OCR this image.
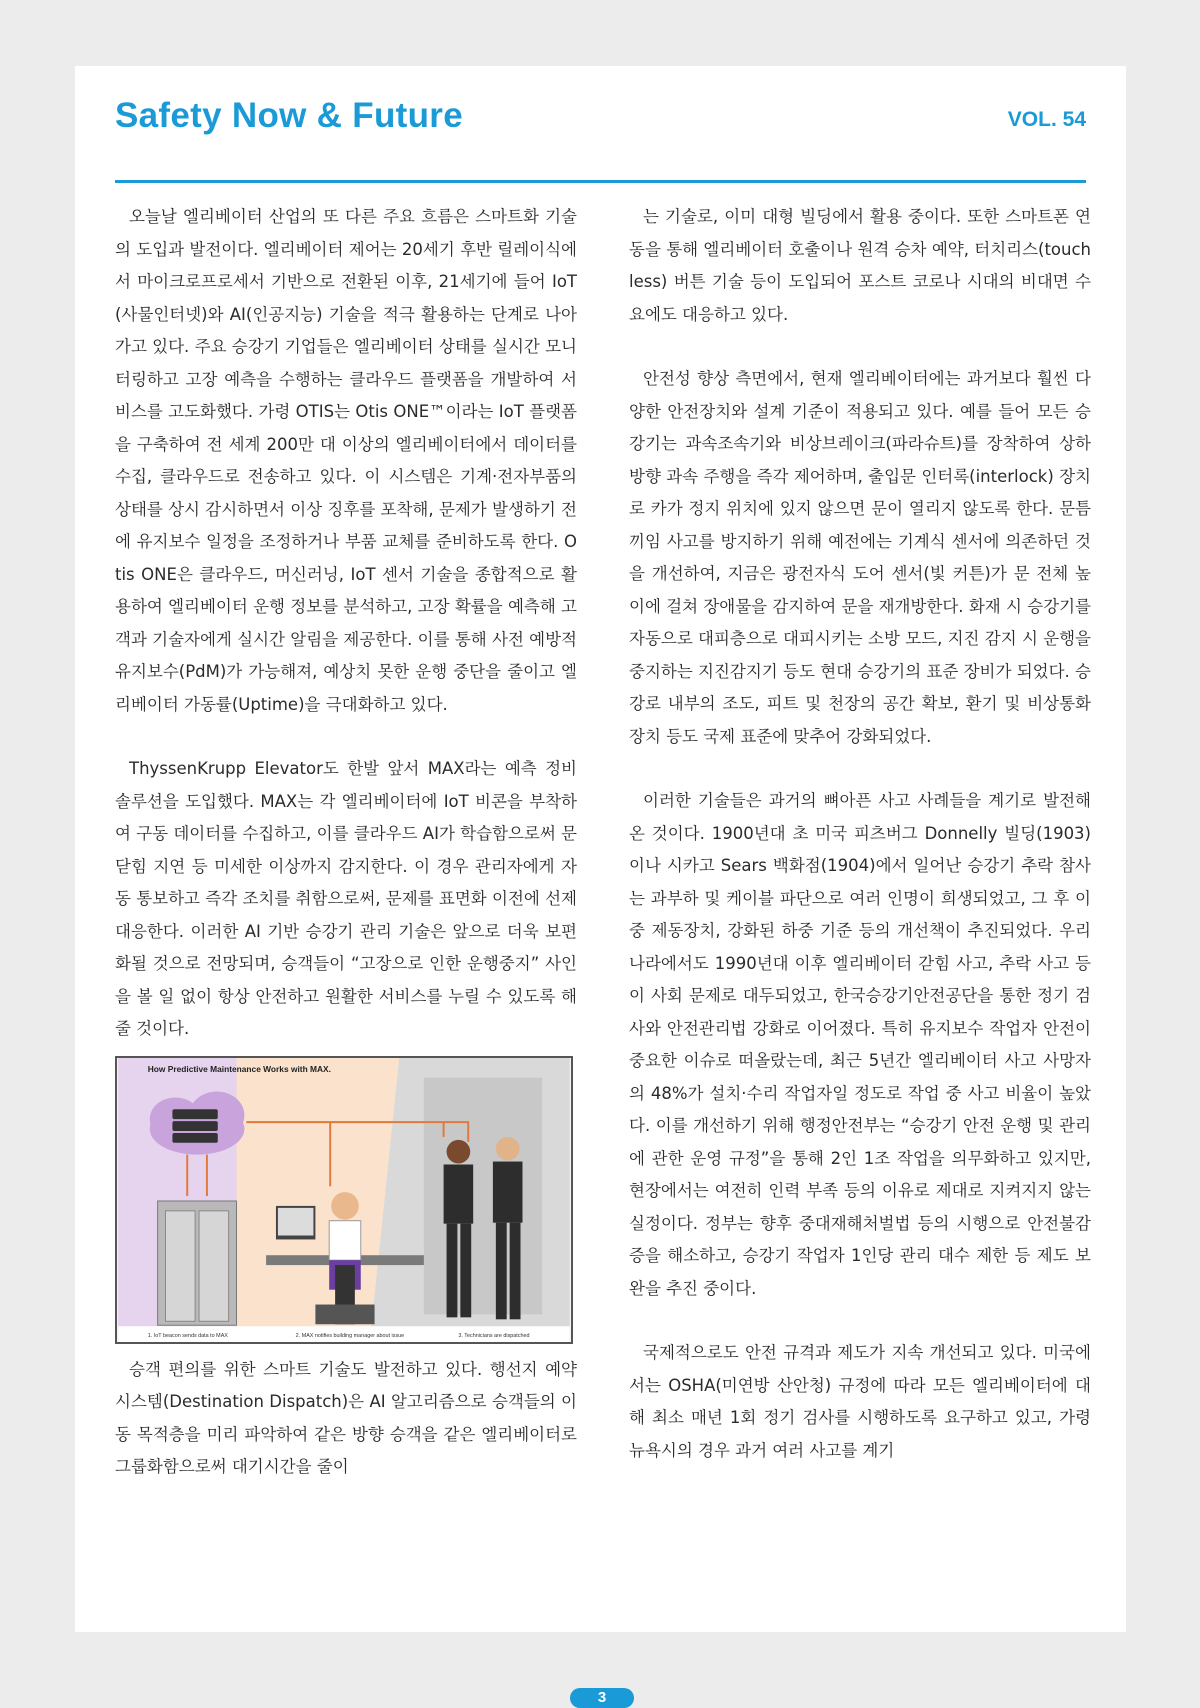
Safety Now & Future	VOL. 54

오늘날 엘리베이터 산업의 또 다른 주요 흐름은 스마트화 기술의 도입과 발전이다. 엘리베이터 제어는 20세기 후반 릴레이식에서 마이크로프로세서 기반으로 전환된 이후, 21세기에 들어 IoT(사물인터넷)와 AI(인공지능) 기술을 적극 활용하는 단계로 나아가고 있다. 주요 승강기 기업들은 엘리베이터 상태를 실시간 모니터링하고 고장 예측을 수행하는 클라우드 플랫폼을 개발하여 서비스를 고도화했다. 가령 OTIS는 Otis ONE™이라는 IoT 플랫폼을 구축하여 전 세계 200만 대 이상의 엘리베이터에서 데이터를 수집, 클라우드로 전송하고 있다. 이 시스템은 기계·전자부품의 상태를 상시 감시하면서 이상 징후를 포착해, 문제가 발생하기 전에 유지보수 일정을 조정하거나 부품 교체를 준비하도록 한다. Otis ONE은 클라우드, 머신러닝, IoT 센서 기술을 종합적으로 활용하여 엘리베이터 운행 정보를 분석하고, 고장 확률을 예측해 고객과 기술자에게 실시간 알림을 제공한다. 이를 통해 사전 예방적 유지보수(PdM)가 가능해져, 예상치 못한 운행 중단을 줄이고 엘리베이터 가동률(Uptime)을 극대화하고 있다.

ThyssenKrupp Elevator도 한발 앞서 MAX라는 예측 정비 솔루션을 도입했다. MAX는 각 엘리베이터에 IoT 비콘을 부착하여 구동 데이터를 수집하고, 이를 클라우드 AI가 학습함으로써 문 닫힘 지연 등 미세한 이상까지 감지한다. 이 경우 관리자에게 자동 통보하고 즉각 조치를 취함으로써, 문제를 표면화 이전에 선제 대응한다. 이러한 AI 기반 승강기 관리 기술은 앞으로 더욱 보편화될 것으로 전망되며, 승객들이 “고장으로 인한 운행중지” 사인을 볼 일 없이 항상 안전하고 원활한 서비스를 누릴 수 있도록 해줄 것이다.

How Predictive Maintenance Works with MAX.
1. IoT beacon sends data to MAX	2. MAX notifies building manager about issue	3. Technicians are dispatched

승객 편의를 위한 스마트 기술도 발전하고 있다. 행선지 예약 시스템(Destination Dispatch)은 AI 알고리즘으로 승객들의 이동 목적층을 미리 파악하여 같은 방향 승객을 같은 엘리베이터로 그룹화함으로써 대기시간을 줄이

는 기술로, 이미 대형 빌딩에서 활용 중이다. 또한 스마트폰 연동을 통해 엘리베이터 호출이나 원격 승차 예약, 터치리스(touchless) 버튼 기술 등이 도입되어 포스트 코로나 시대의 비대면 수요에도 대응하고 있다.

안전성 향상 측면에서, 현재 엘리베이터에는 과거보다 훨씬 다양한 안전장치와 설계 기준이 적용되고 있다. 예를 들어 모든 승강기는 과속조속기와 비상브레이크(파라슈트)를 장착하여 상하 방향 과속 주행을 즉각 제어하며, 출입문 인터록(interlock) 장치로 카가 정지 위치에 있지 않으면 문이 열리지 않도록 한다. 문틈 끼임 사고를 방지하기 위해 예전에는 기계식 센서에 의존하던 것을 개선하여, 지금은 광전자식 도어 센서(빛 커튼)가 문 전체 높이에 걸쳐 장애물을 감지하여 문을 재개방한다. 화재 시 승강기를 자동으로 대피층으로 대피시키는 소방 모드, 지진 감지 시 운행을 중지하는 지진감지기 등도 현대 승강기의 표준 장비가 되었다. 승강로 내부의 조도, 피트 및 천장의 공간 확보, 환기 및 비상통화 장치 등도 국제 표준에 맞추어 강화되었다.

이러한 기술들은 과거의 뼈아픈 사고 사례들을 계기로 발전해온 것이다. 1900년대 초 미국 피츠버그 Donnelly 빌딩(1903)이나 시카고 Sears 백화점(1904)에서 일어난 승강기 추락 참사는 과부하 및 케이블 파단으로 여러 인명이 희생되었고, 그 후 이중 제동장치, 강화된 하중 기준 등의 개선책이 추진되었다. 우리나라에서도 1990년대 이후 엘리베이터 갇힘 사고, 추락 사고 등이 사회 문제로 대두되었고, 한국승강기안전공단을 통한 정기 검사와 안전관리법 강화로 이어졌다. 특히 유지보수 작업자 안전이 중요한 이슈로 떠올랐는데, 최근 5년간 엘리베이터 사고 사망자의 48%가 설치·수리 작업자일 정도로 작업 중 사고 비율이 높았다. 이를 개선하기 위해 행정안전부는 “승강기 안전 운행 및 관리에 관한 운영 규정”을 통해 2인 1조 작업을 의무화하고 있지만, 현장에서는 여전히 인력 부족 등의 이유로 제대로 지켜지지 않는 실정이다. 정부는 향후 중대재해처벌법 등의 시행으로 안전불감증을 해소하고, 승강기 작업자 1인당 관리 대수 제한 등 제도 보완을 추진 중이다.

국제적으로도 안전 규격과 제도가 지속 개선되고 있다. 미국에서는 OSHA(미연방 산안청) 규정에 따라 모든 엘리베이터에 대해 최소 매년 1회 정기 검사를 시행하도록 요구하고 있고, 가령 뉴욕시의 경우 과거 여러 사고를 계기

3
